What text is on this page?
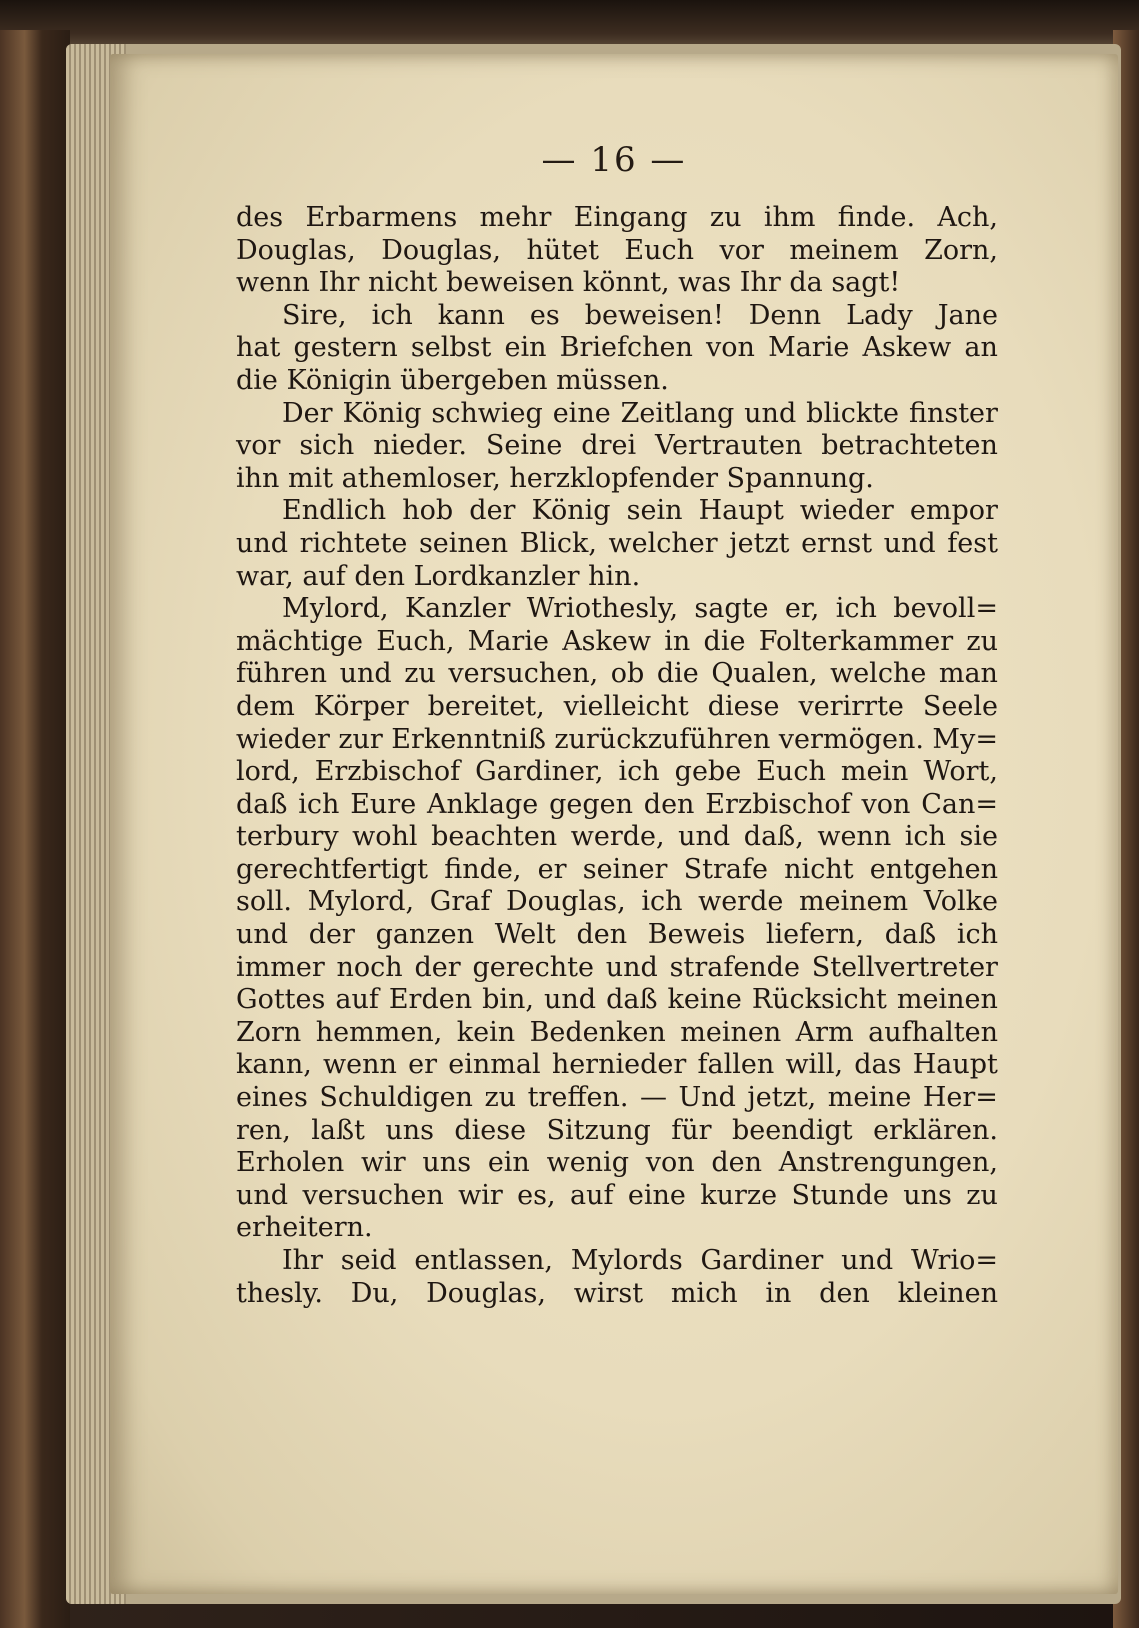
— 16 —
des Erbarmens mehr Eingang zu ihm finde. Ach,
Douglas, Douglas, hütet Euch vor meinem Zorn,
wenn Ihr nicht beweisen könnt, was Ihr da sagt!
Sire, ich kann es beweisen! Denn Lady Jane
hat gestern selbst ein Briefchen von Marie Askew an
die Königin übergeben müssen.
Der König schwieg eine Zeitlang und blickte finster
vor sich nieder. Seine drei Vertrauten betrachteten
ihn mit athemloser, herzklopfender Spannung.
Endlich hob der König sein Haupt wieder empor
und richtete seinen Blick, welcher jetzt ernst und fest
war, auf den Lordkanzler hin.
Mylord, Kanzler Wriothesly, sagte er, ich bevoll=
mächtige Euch, Marie Askew in die Folterkammer zu
führen und zu versuchen, ob die Qualen, welche man
dem Körper bereitet, vielleicht diese verirrte Seele
wieder zur Erkenntniß zurückzuführen vermögen. My=
lord, Erzbischof Gardiner, ich gebe Euch mein Wort,
daß ich Eure Anklage gegen den Erzbischof von Can=
terbury wohl beachten werde, und daß, wenn ich sie
gerechtfertigt finde, er seiner Strafe nicht entgehen
soll. Mylord, Graf Douglas, ich werde meinem Volke
und der ganzen Welt den Beweis liefern, daß ich
immer noch der gerechte und strafende Stellvertreter
Gottes auf Erden bin, und daß keine Rücksicht meinen
Zorn hemmen, kein Bedenken meinen Arm aufhalten
kann, wenn er einmal hernieder fallen will, das Haupt
eines Schuldigen zu treffen. — Und jetzt, meine Her=
ren, laßt uns diese Sitzung für beendigt erklären.
Erholen wir uns ein wenig von den Anstrengungen,
und versuchen wir es, auf eine kurze Stunde uns zu
erheitern.
Ihr seid entlassen, Mylords Gardiner und Wrio=
thesly. Du, Douglas, wirst mich in den kleinen
